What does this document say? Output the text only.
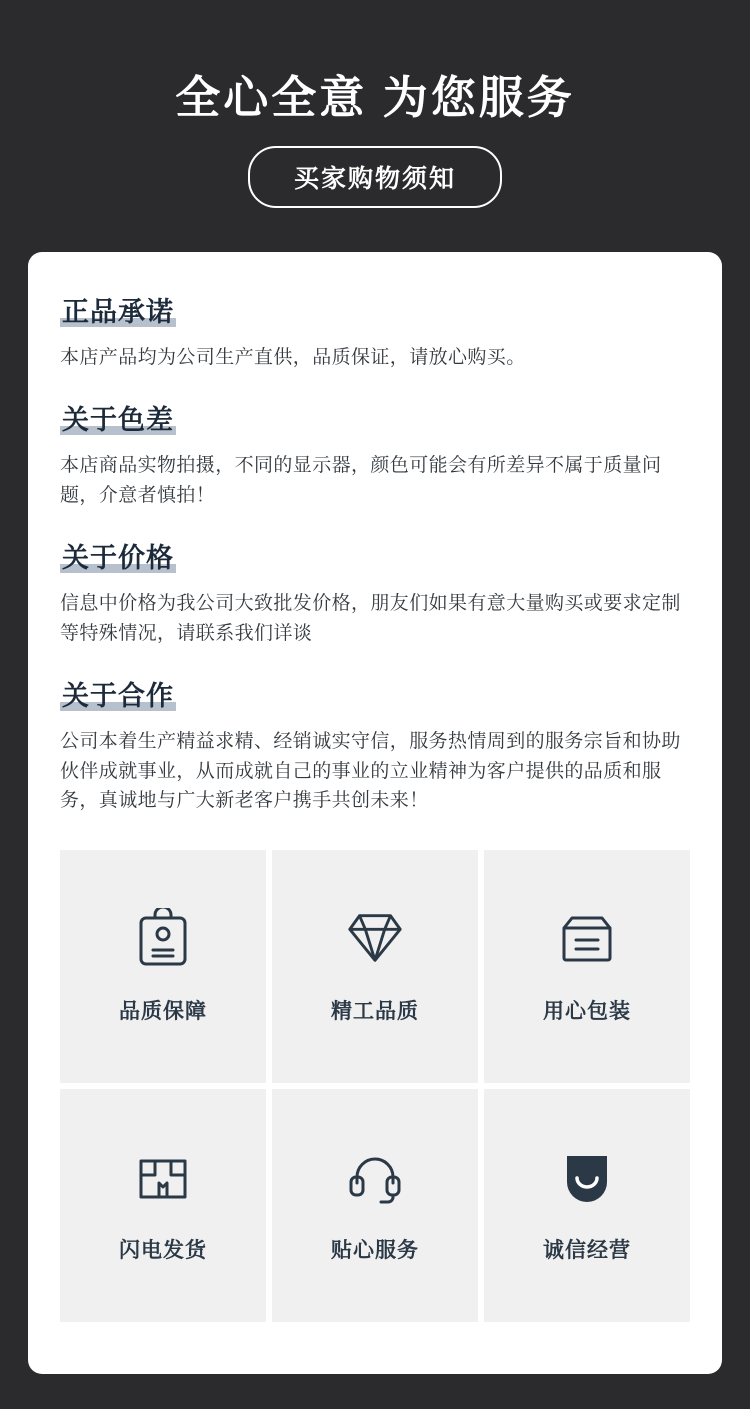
全心全意 为您服务
买家购物须知
正品承诺
本店产品均为公司生产直供，品质保证，请放心购买。
关于色差
本店商品实物拍摄，不同的显示器，颜色可能会有所差异不属于质量问题，介意者慎拍！
关于价格
信息中价格为我公司大致批发价格，朋友们如果有意大量购买或要求定制等特殊情况，请联系我们详谈
关于合作
公司本着生产精益求精、经销诚实守信，服务热情周到的服务宗旨和协助伙伴成就事业，从而成就自己的事业的立业精神为客户提供的品质和服务，真诚地与广大新老客户携手共创未来！
品质保障	精工品质	用心包装
闪电发货	贴心服务	诚信经营
